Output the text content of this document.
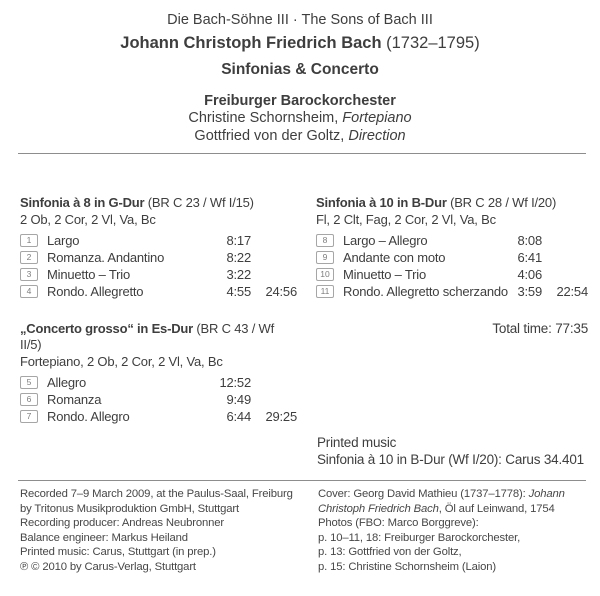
Die Bach-Söhne III · The Sons of Bach III
Johann Christoph Friedrich Bach (1732–1795)
Sinfonias & Concerto
Freiburger Barockorchester
Christine Schornsheim, Fortepiano
Gottfried von der Goltz, Direction
Sinfonia à 8 in G-Dur (BR C 23 / Wf I/15)
2 Ob, 2 Cor, 2 Vl, Va, Bc
1	Largo	8:17
2	Romanza. Andantino	8:22
3	Minuetto – Trio	3:22
4	Rondo. Allegretto	4:55	24:56
Sinfonia à 10 in B-Dur (BR C 28 / Wf I/20)
Fl, 2 Clt, Fag, 2 Cor, 2 Vl, Va, Bc
8	Largo – Allegro	8:08
9	Andante con moto	6:41
10	Minuetto – Trio	4:06
11	Rondo. Allegretto scherzando 3:59	22:54
„Concerto grosso“ in Es-Dur (BR C 43 / Wf II/5)
Fortepiano, 2 Ob, 2 Cor, 2 Vl, Va, Bc
5	Allegro	12:52
6	Romanza	9:49
7	Rondo. Allegro	6:44	29:25
Total time: 77:35
Printed music
Sinfonia à 10 in B-Dur (Wf I/20): Carus 34.401
Recorded 7–9 March 2009, at the Paulus-Saal, Freiburg
by Tritonus Musikproduktion GmbH, Stuttgart
Recording producer: Andreas Neubronner
Balance engineer: Markus Heiland
Printed music: Carus, Stuttgart (in prep.)
℗ © 2010 by Carus-Verlag, Stuttgart
Cover: Georg David Mathieu (1737–1778): Johann
Christoph Friedrich Bach, Öl auf Leinwand, 1754
Photos (FBO: Marco Borggreve):
p. 10–11, 18: Freiburger Barockorchester,
p. 13: Gottfried von der Goltz,
p. 15: Christine Schornsheim (Laion)
